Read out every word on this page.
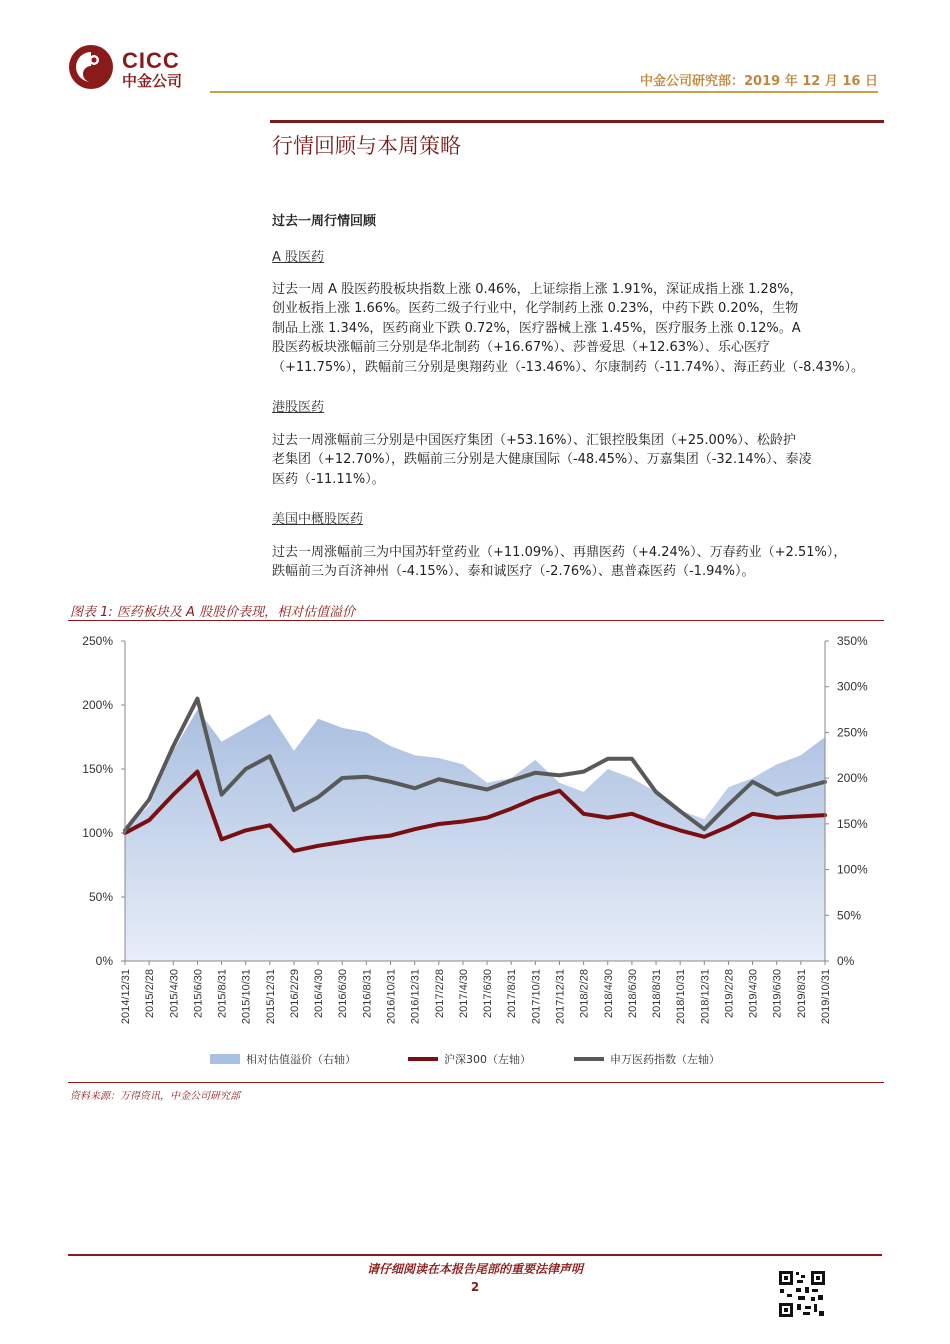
CICC
中金公司	中金公司研究部：2019 年 12 月 16 日
行情回顾与本周策略
过去一周行情回顾
A 股医药
过去一周 A 股医药股板块指数上涨 0.46%，上证综指上涨 1.91%，深证成指上涨 1.28%，
创业板指上涨 1.66%。医药二级子行业中，化学制药上涨 0.23%，中药下跌 0.20%，生物
制品上涨 1.34%，医药商业下跌 0.72%，医疗器械上涨 1.45%，医疗服务上涨 0.12%。A
股医药板块涨幅前三分别是华北制药（+16.67%）、莎普爱思（+12.63%）、乐心医疗
（+11.75%），跌幅前三分别是奥翔药业（-13.46%）、尔康制药（-11.74%）、海正药业（-8.43%）。
港股医药
过去一周涨幅前三分别是中国医疗集团（+53.16%）、汇银控股集团（+25.00%）、松龄护
老集团（+12.70%），跌幅前三分别是大健康国际（-48.45%）、万嘉集团（-32.14%）、泰凌
医药（-11.11%）。
美国中概股医药
过去一周涨幅前三为中国苏轩堂药业（+11.09%）、再鼎医药（+4.24%）、万春药业（+2.51%），
跌幅前三为百济神州（-4.15%）、泰和诚医疗（-2.76%）、惠普森医药（-1.94%）。
图表 1: 医药板块及 A 股股价表现，相对估值溢价
0%
50%
100%
150%
200%
250%
0%
50%
100%
150%
200%
250%
300%
350%
2014/12/31 2015/2/28 2015/4/30 2015/6/30 2015/8/31 2015/10/31 2015/12/31 2016/2/29 2016/4/30 2016/6/30 2016/8/31 2016/10/31 2016/12/31 2017/2/28 2017/4/30 2017/6/30 2017/8/31 2017/10/31 2017/12/31 2018/2/28 2018/4/30 2018/6/30 2018/8/31 2018/10/31 2018/12/31 2019/2/28 2019/4/30 2019/6/30 2019/8/31 2019/10/31
相对估值溢价（右轴）	沪深300（左轴）	申万医药指数（左轴）
资料来源：万得资讯，中金公司研究部
请仔细阅读在本报告尾部的重要法律声明
2
